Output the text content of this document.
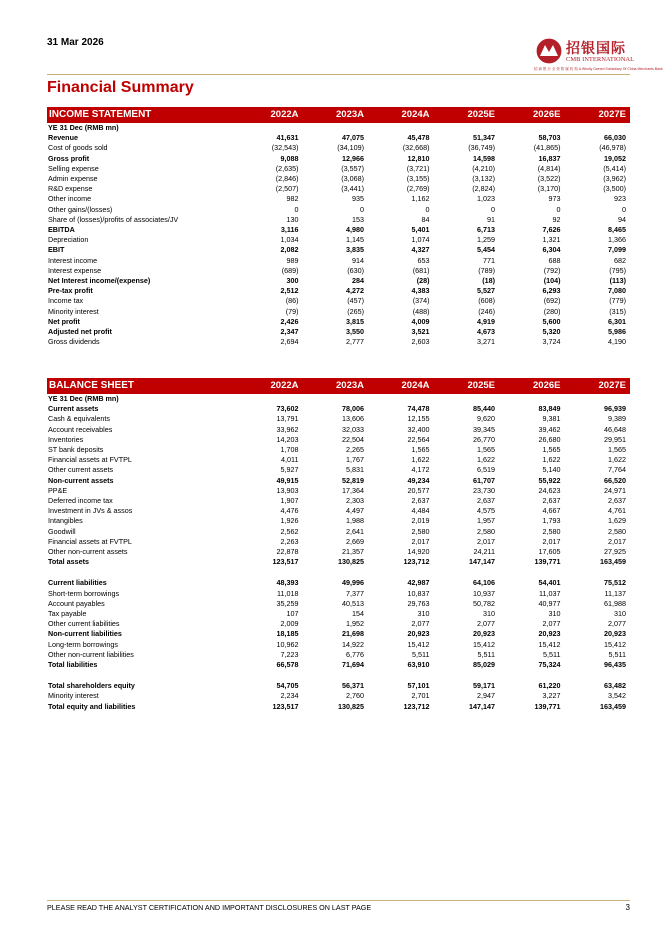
31 Mar 2026	招银国际
CMB INTERNATIONAL
招 商 银 行 全 资 附 属 机 构 A Wholly Owned Subsidiary Of China Merchants Bank
Financial Summary
INCOME STATEMENT	2022A	2023A	2024A	2025E	2026E	2027E
YE 31 Dec (RMB mn)						
Revenue	41,631	47,075	45,478	51,347	58,703	66,030
Cost of goods sold	(32,543)	(34,109)	(32,668)	(36,749)	(41,865)	(46,978)
Gross profit	9,088	12,966	12,810	14,598	16,837	19,052
Selling expense	(2,635)	(3,557)	(3,721)	(4,210)	(4,814)	(5,414)
Admin expense	(2,846)	(3,068)	(3,155)	(3,132)	(3,522)	(3,962)
R&D expense	(2,507)	(3,441)	(2,769)	(2,824)	(3,170)	(3,500)
Other income	982	935	1,162	1,023	973	923
Other gains/(losses)	0	0	0	0	0	0
Share of (losses)/profits of associates/JV	130	153	84	91	92	94
EBITDA	3,116	4,980	5,401	6,713	7,626	8,465
Depreciation	1,034	1,145	1,074	1,259	1,321	1,366
EBIT	2,082	3,835	4,327	5,454	6,304	7,099
Interest income	989	914	653	771	688	682
Interest expense	(689)	(630)	(681)	(789)	(792)	(795)
Net Interest income/(expense)	300	284	(28)	(18)	(104)	(113)
Pre-tax profit	2,512	4,272	4,383	5,527	6,293	7,080
Income tax	(86)	(457)	(374)	(608)	(692)	(779)
Minority interest	(79)	(265)	(488)	(246)	(280)	(315)
Net profit	2,426	3,815	4,009	4,919	5,600	6,301
Adjusted net profit	2,347	3,550	3,521	4,673	5,320	5,986
Gross dividends	2,694	2,777	2,603	3,271	3,724	4,190
BALANCE SHEET	2022A	2023A	2024A	2025E	2026E	2027E
YE 31 Dec (RMB mn)						
Current assets	73,602	78,006	74,478	85,440	83,849	96,939
Cash & equivalents	13,791	13,606	12,155	9,620	9,381	9,389
Account receivables	33,962	32,033	32,400	39,345	39,462	46,648
Inventories	14,203	22,504	22,564	26,770	26,680	29,951
ST bank deposits	1,708	2,265	1,565	1,565	1,565	1,565
Financial assets at FVTPL	4,011	1,767	1,622	1,622	1,622	1,622
Other current assets	5,927	5,831	4,172	6,519	5,140	7,764
Non-current assets	49,915	52,819	49,234	61,707	55,922	66,520
PP&E	13,903	17,364	20,577	23,730	24,623	24,971
Deferred income tax	1,907	2,303	2,637	2,637	2,637	2,637
Investment in JVs & assos	4,476	4,497	4,484	4,575	4,667	4,761
Intangibles	1,926	1,988	2,019	1,957	1,793	1,629
Goodwill	2,562	2,641	2,580	2,580	2,580	2,580
Financial assets at FVTPL	2,263	2,669	2,017	2,017	2,017	2,017
Other non-current assets	22,878	21,357	14,920	24,211	17,605	27,925
Total assets	123,517	130,825	123,712	147,147	139,771	163,459

Current liabilities	48,393	49,996	42,987	64,106	54,401	75,512
Short-term borrowings	11,018	7,377	10,837	10,937	11,037	11,137
Account payables	35,259	40,513	29,763	50,782	40,977	61,988
Tax payable	107	154	310	310	310	310
Other current liabilities	2,009	1,952	2,077	2,077	2,077	2,077
Non-current liabilities	18,185	21,698	20,923	20,923	20,923	20,923
Long-term borrowings	10,962	14,922	15,412	15,412	15,412	15,412
Other non-current liabilities	7,223	6,776	5,511	5,511	5,511	5,511
Total liabilities	66,578	71,694	63,910	85,029	75,324	96,435

Total shareholders equity	54,705	56,371	57,101	59,171	61,220	63,482
Minority interest	2,234	2,760	2,701	2,947	3,227	3,542
Total equity and liabilities	123,517	130,825	123,712	147,147	139,771	163,459
PLEASE READ THE ANALYST CERTIFICATION AND IMPORTANT DISCLOSURES ON LAST PAGE	3
